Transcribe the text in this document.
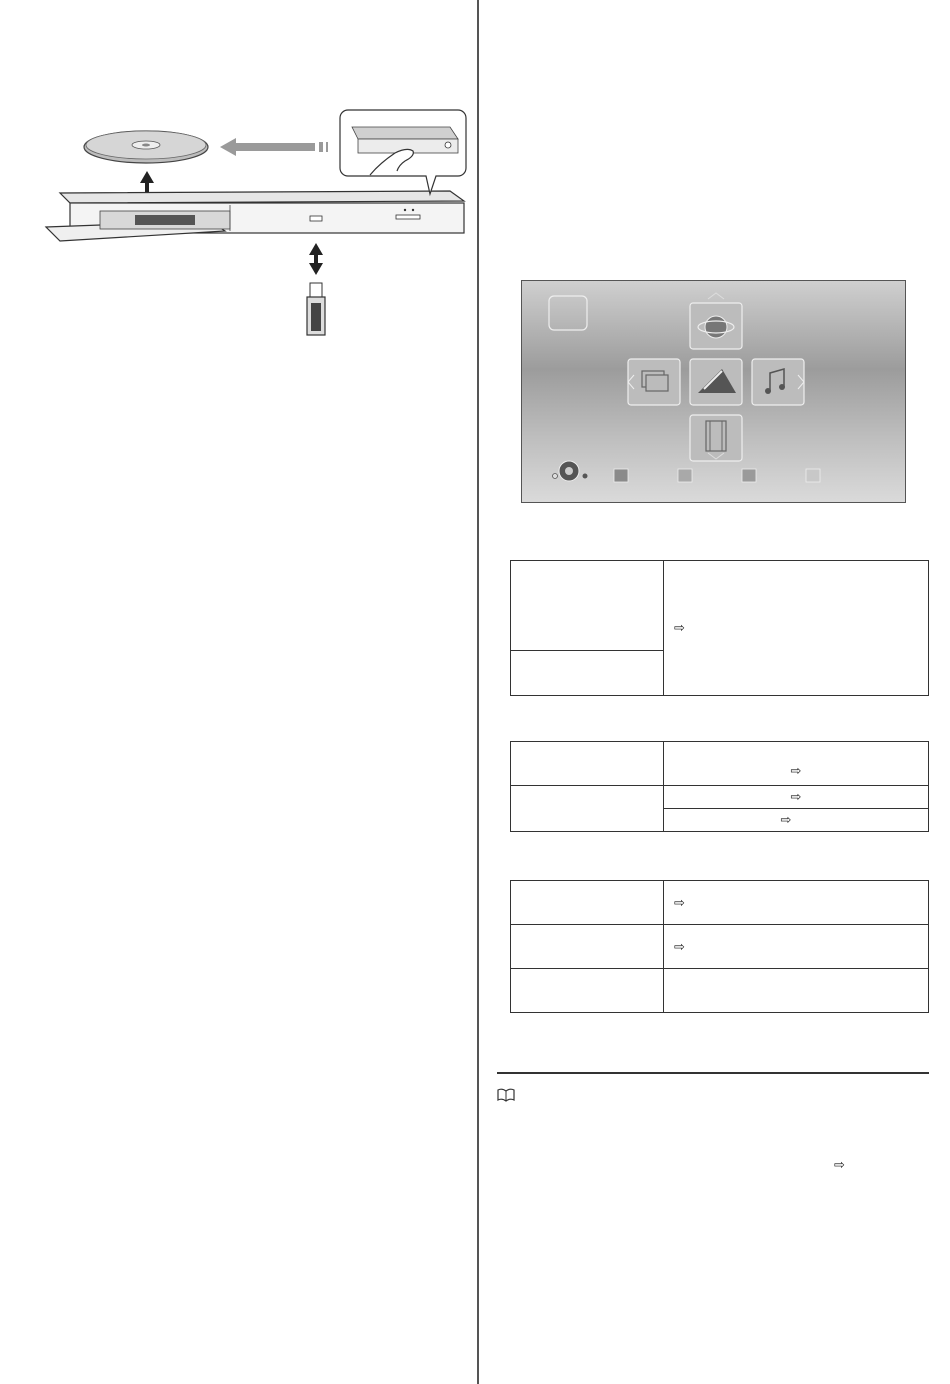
	⇨

	⇨
	⇨
	⇨
	⇨
	⇨

⇨
